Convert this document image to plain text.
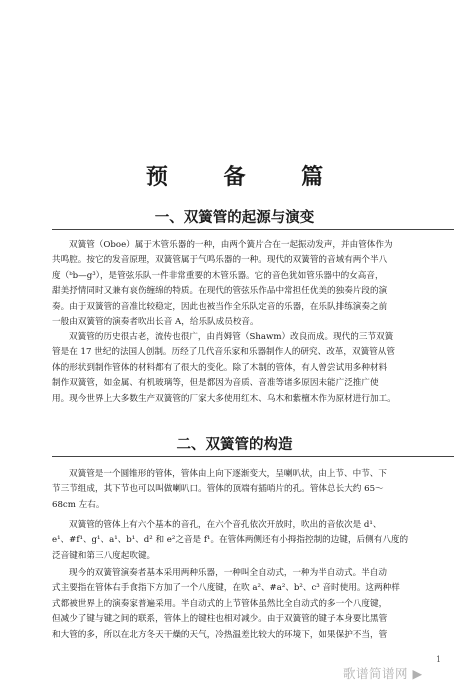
预 备 篇
一、双簧管的起源与演变

双簧管（Oboe）属于木管乐器的一种，由两个簧片合在一起振动发声，并由管体作为
共鸣腔。按它的发音原理，双簧管属于气鸣乐器的一种。现代的双簧管的音域有两个半八
度（ᵇb—g³），是管弦乐队一件非常重要的木管乐器。它的音色犹如管乐器中的女高音，
甜美抒情同时又兼有哀伤缠绵的特质。在现代的管弦乐作品中常担任优美的独奏片段的演
奏。由于双簧管的音准比较稳定，因此也被当作全乐队定音的乐器，在乐队排练演奏之前
一般由双簧管的演奏者吹出长音 A，给乐队成员校音。

双簧管的历史很古老，流传也很广，由肖姆管（Shawm）改良而成。现代的三节双簧
管是在 17 世纪的法国人创制。历经了几代音乐家和乐器制作人的研究、改革，双簧管从管
体的形状到制作管体的材料都有了很大的变化。除了木制的管体，有人曾尝试用多种材料
制作双簧管，如金属、有机玻璃等，但是都因为音质、音准等诸多原因未能广泛推广使
用。现今世界上大多数生产双簧管的厂家大多使用红木、乌木和紫檀木作为原材进行加工。

二、双簧管的构造

双簧管是一个圆锥形的管体，管体由上向下逐渐变大，呈喇叭状，由上节、中节、下
节三节组成，其下节也可以叫做喇叭口。管体的顶端有插哨片的孔。管体总长大约 65～
68cm 左右。

双簧管的管体上有六个基本的音孔，在六个音孔依次开放时，吹出的音依次是 d¹、
e¹、#f¹、g¹、a¹、b¹、d² 和 e²之音是 f¹。在管体两侧还有小拇指控制的边键，后侧有八度的
泛音键和第三八度起吹键。

现今的双簧管演奏者基本采用两种乐器，一种叫全自动式，一种为半自动式。半自动
式主要指在管体右手食指下方加了一个八度键，在吹 a²、#a²、b²、c³ 音时使用。这两种样
式都被世界上的演奏家普遍采用。半自动式的上节管体虽然比全自动式的多一个八度键，
但减少了键与键之间的联系，管体上的键柱也相对减少。由于双簧管的键子本身要比黑管
和大管的多，所以在北方冬天干燥的天气，冷热温差比较大的环境下，如果保护不当，管

1
歌谱简谱网 ▶
